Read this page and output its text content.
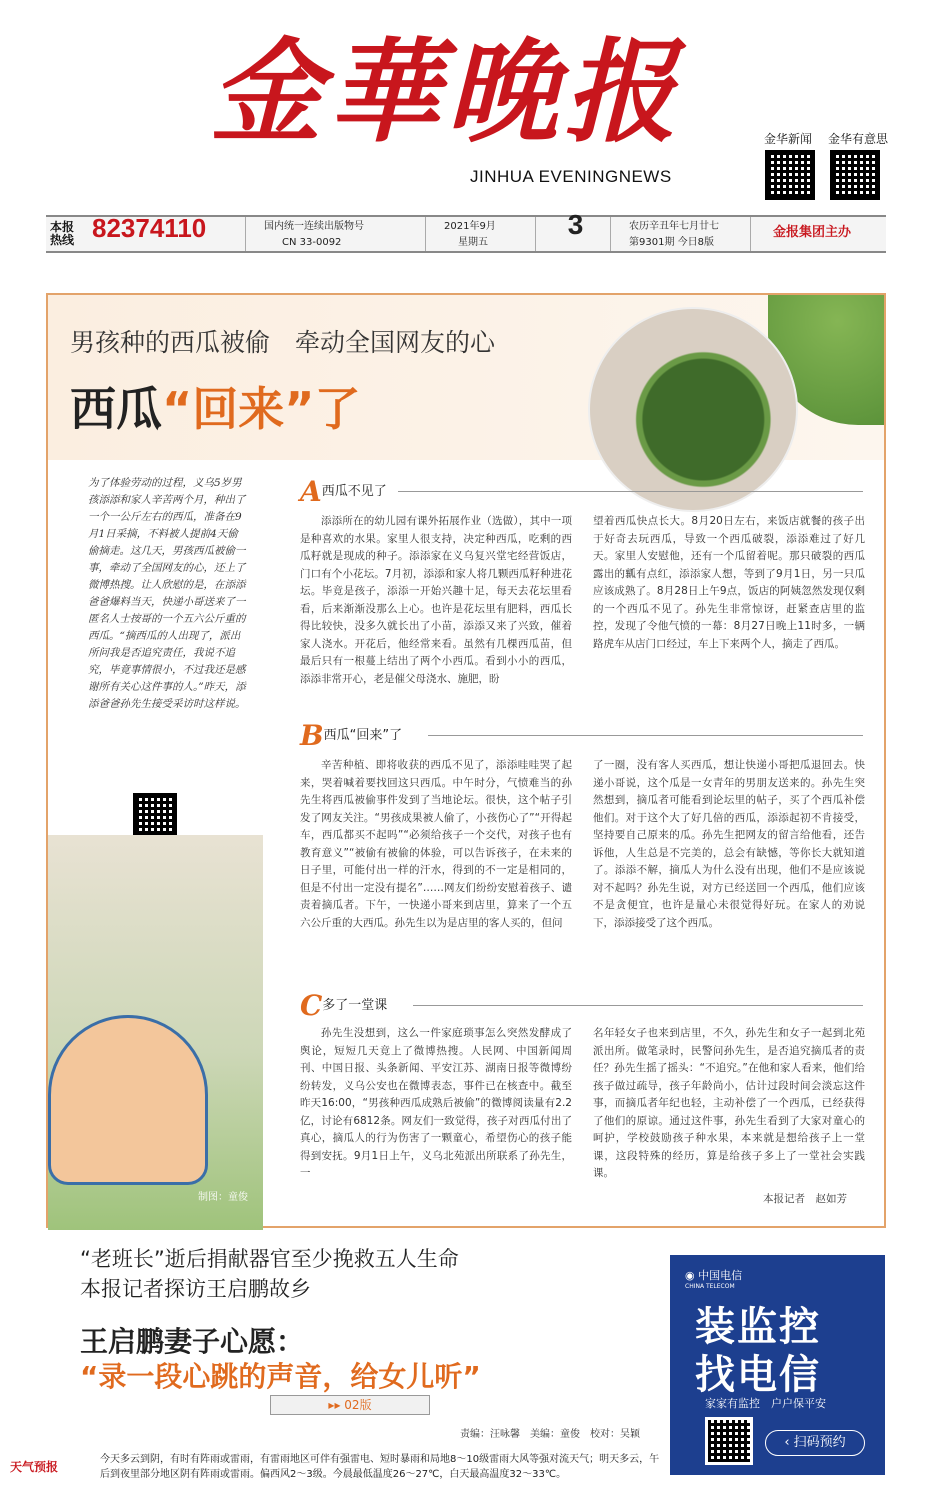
金華晚报
JINHUA EVENINGNEWS
金华新闻 金华有意思
本报
热线 82374110	国内统一连续出版物号
CN 33-0092
2021年9月
星期五
3	农历辛丑年七月廿七
第9301期 今日8版
金报集团主办
男孩种的西瓜被偷　牵动全国网友的心
西瓜“回来”了
为了体验劳动的过程，义乌5岁男孩添添和家人辛苦两个月，种出了一个一公斤左右的西瓜，准备在9月1日采摘，不料被人提前4天偷偷摘走。这几天，男孩西瓜被偷一事，牵动了全国网友的心，还上了微博热搜。让人欣慰的是，在添添爸爸爆料当天，快递小哥送来了一匿名人士按哥的一个五六公斤重的西瓜。“摘西瓜的人出现了，派出所问我是否追究责任，我说不追究，毕竟事情很小，不过我还是感谢所有关心这件事的人。”昨天，添添爸爸孙先生接受采访时这样说。
制图：童俊
A西瓜不见了
添添所在的幼儿园有课外拓展作业（选做），其中一项是种喜欢的水果。家里人很支持，决定种西瓜，吃剩的西瓜籽就是现成的种子。添添家在义乌复兴堂宅经营饭店，门口有个小花坛。7月初，添添和家人将几颗西瓜籽种进花坛。毕竟是孩子，添添一开始兴趣十足，每天去花坛里看看，后来渐渐没那么上心。也许是花坛里有肥料，西瓜长得比较快，没多久就长出了小苗，添添又来了兴致，催着家人浇水。开花后，他经常来看。虽然有几棵西瓜苗，但最后只有一根蔓上结出了两个小西瓜。看到小小的西瓜，添添非常开心，老是催父母浇水、施肥，盼
望着西瓜快点长大。8月20日左右，来饭店就餐的孩子出于好奇去玩西瓜，导致一个西瓜破裂，添添难过了好几天。家里人安慰他，还有一个瓜留着呢。那只破裂的西瓜露出的瓤有点红，添添家人想，等到了9月1日，另一只瓜应该成熟了。8月28日上午9点，饭店的阿姨忽然发现仅剩的一个西瓜不见了。孙先生非常惊讶，赶紧查店里的监控，发现了令他气愤的一幕：8月27日晚上11时多，一辆路虎车从店门口经过，车上下来两个人，摘走了西瓜。
B西瓜“回来”了
辛苦种植、即将收获的西瓜不见了，添添哇哇哭了起来，哭着喊着要找回这只西瓜。中午时分，气愤难当的孙先生将西瓜被偷事件发到了当地论坛。很快，这个帖子引发了网友关注。“男孩成果被人偷了，小孩伤心了”“开得起车，西瓜都买不起吗”“必须给孩子一个交代，对孩子也有教育意义”“被偷有被偷的体验，可以告诉孩子，在未来的日子里，可能付出一样的汗水，得到的不一定是相同的，但是不付出一定没有提名”……网友们纷纷安慰着孩子、谴责着摘瓜者。下午，一快递小哥来到店里，算来了一个五六公斤重的大西瓜。孙先生以为是店里的客人买的，但问
了一圈，没有客人买西瓜，想让快递小哥把瓜退回去。快递小哥说，这个瓜是一女青年的男朋友送来的。孙先生突然想到，摘瓜者可能看到论坛里的帖子，买了个西瓜补偿他们。对于这个大了好几倍的西瓜，添添起初不肯接受，坚持要自己原来的瓜。孙先生把网友的留言给他看，还告诉他，人生总是不完美的，总会有缺憾，等你长大就知道了。添添不解，摘瓜人为什么没有出现，他们不是应该说对不起吗？孙先生说，对方已经送回一个西瓜，他们应该不是贪便宜，也许是量心未很觉得好玩。在家人的劝说下，添添接受了这个西瓜。
C多了一堂课
孙先生没想到，这么一件家庭琐事怎么突然发酵成了舆论，短短几天竟上了微博热搜。人民网、中国新闻周刊、中国日报、头条新闻、平安江苏、湖南日报等微博纷纷转发，义乌公安也在微博表态，事件已在核查中。截至昨天16:00，“男孩种西瓜成熟后被偷”的微博阅读量有2.2亿，讨论有6812条。网友们一致觉得，孩子对西瓜付出了真心，摘瓜人的行为伤害了一颗童心，希望伤心的孩子能得到安抚。9月1日上午，义乌北苑派出所联系了孙先生，一
名年轻女子也来到店里，不久，孙先生和女子一起到北苑派出所。做笔录时，民警问孙先生，是否追究摘瓜者的责任？孙先生摇了摇头：“不追究。”在他和家人看来，他们给孩子做过疏导，孩子年龄尚小，估计过段时间会淡忘这件事，而摘瓜者年纪也轻，主动补偿了一个西瓜，已经获得了他们的原谅。通过这件事，孙先生看到了大家对童心的呵护，学校鼓励孩子种水果，本来就是想给孩子上一堂课，这段特殊的经历，算是给孩子多上了一堂社会实践课。
本报记者　赵如芳
“老班长”逝后捐献器官至少挽救五人生命
本报记者探访王启鹏故乡
王启鹏妻子心愿：
“录一段心跳的声音，给女儿听”
▸▸ 02版
责编：汪咏馨　美编：童俊　校对：吴颖
◉ 中国电信
CHINA TELECOM
装监控
找电信
家家有监控　户户保平安
‹ 扫码预约
天气预报
今天多云到阴，有时有阵雨或雷雨，有雷雨地区可伴有强雷电、短时暴雨和局地8～10级雷雨大风等强对流天气；明天多云，午后到夜里部分地区阴有阵雨或雷雨。偏西风2～3级。今晨最低温度26～27℃，白天最高温度32～33℃。
